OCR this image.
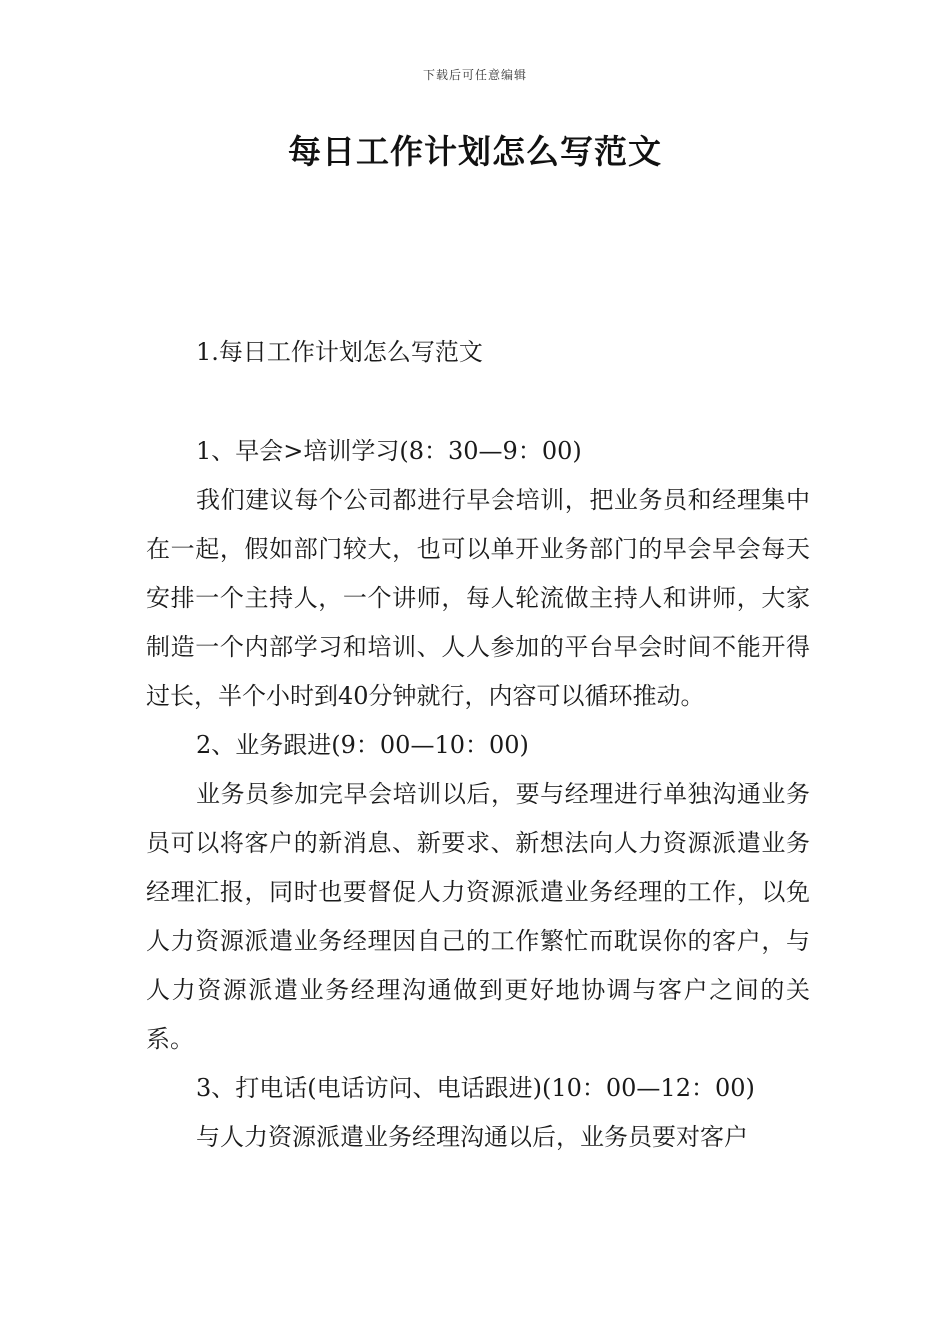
下载后可任意编辑
每日工作计划怎么写范文

1.每日工作计划怎么写范文

1、早会>培训学习(8：30—9：00)

我们建议每个公司都进行早会培训，把业务员和经理集中在一起，假如部门较大，也可以单开业务部门的早会早会每天安排一个主持人，一个讲师，每人轮流做主持人和讲师，大家制造一个内部学习和培训、人人参加的平台早会时间不能开得过长，半个小时到40分钟就行，内容可以循环推动。

2、业务跟进(9：00—10：00)

业务员参加完早会培训以后，要与经理进行单独沟通业务员可以将客户的新消息、新要求、新想法向人力资源派遣业务经理汇报，同时也要督促人力资源派遣业务经理的工作，以免人力资源派遣业务经理因自己的工作繁忙而耽误你的客户，与人力资源派遣业务经理沟通做到更好地协调与客户之间的关系。

3、打电话(电话访问、电话跟进)(10：00—12：00)

与人力资源派遣业务经理沟通以后，业务员要对客户
